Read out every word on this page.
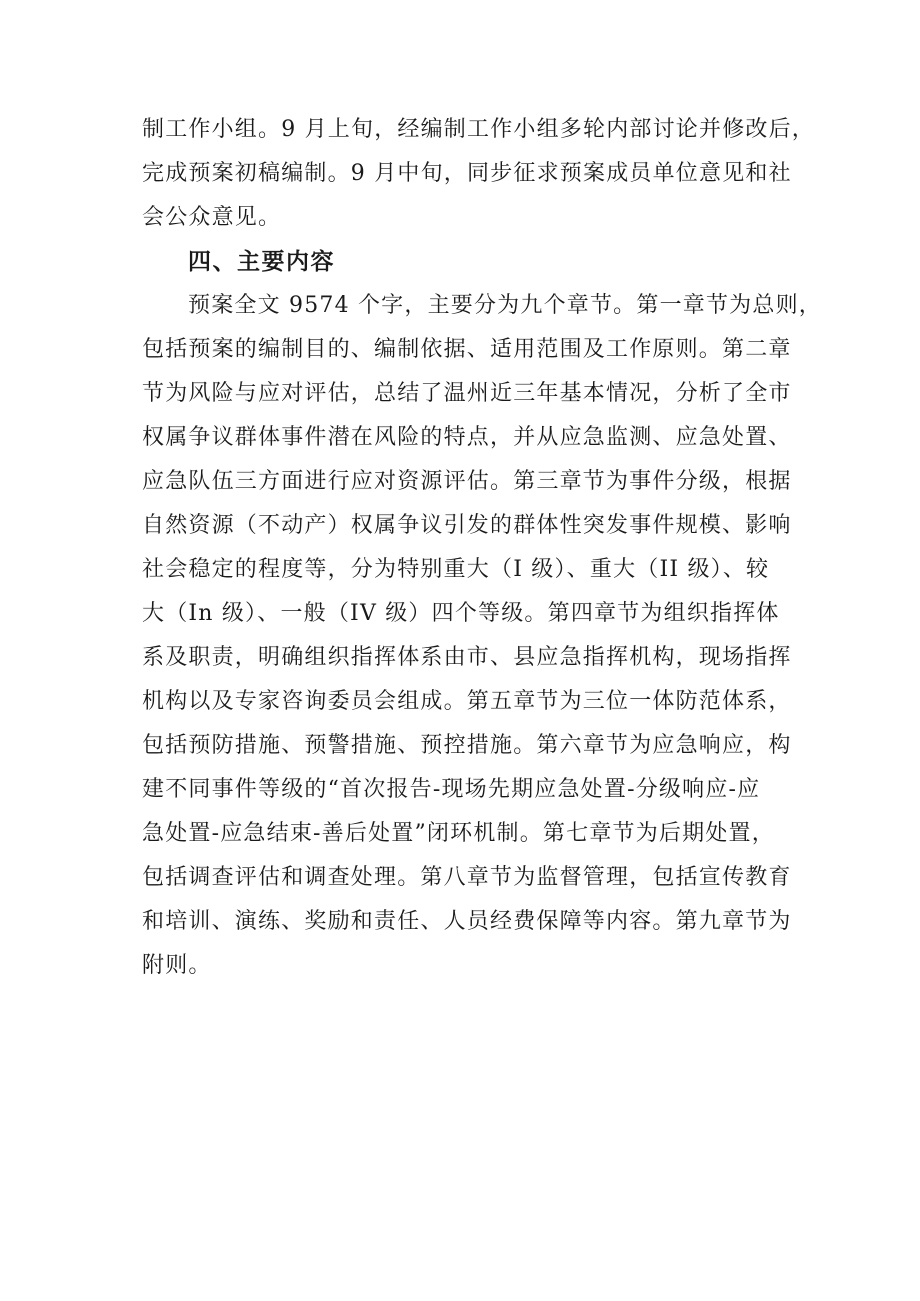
制工作小组。9 月上旬，经编制工作小组多轮内部讨论并修改后，
完成预案初稿编制。9 月中旬，同步征求预案成员单位意见和社
会公众意见。
四、主要内容
预案全文 9574 个字，主要分为九个章节。第一章节为总则，
包括预案的编制目的、编制依据、适用范围及工作原则。第二章
节为风险与应对评估，总结了温州近三年基本情况，分析了全市
权属争议群体事件潜在风险的特点，并从应急监测、应急处置、
应急队伍三方面进行应对资源评估。第三章节为事件分级，根据
自然资源（不动产）权属争议引发的群体性突发事件规模、影响
社会稳定的程度等，分为特别重大（I 级）、重大（II 级）、较
大（In 级）、一般（IV 级）四个等级。第四章节为组织指挥体
系及职责，明确组织指挥体系由市、县应急指挥机构，现场指挥
机构以及专家咨询委员会组成。第五章节为三位一体防范体系，
包括预防措施、预警措施、预控措施。第六章节为应急响应，构
建不同事件等级的“首次报告-现场先期应急处置-分级响应-应
急处置-应急结束-善后处置”闭环机制。第七章节为后期处置，
包括调查评估和调查处理。第八章节为监督管理，包括宣传教育
和培训、演练、奖励和责任、人员经费保障等内容。第九章节为
附则。
